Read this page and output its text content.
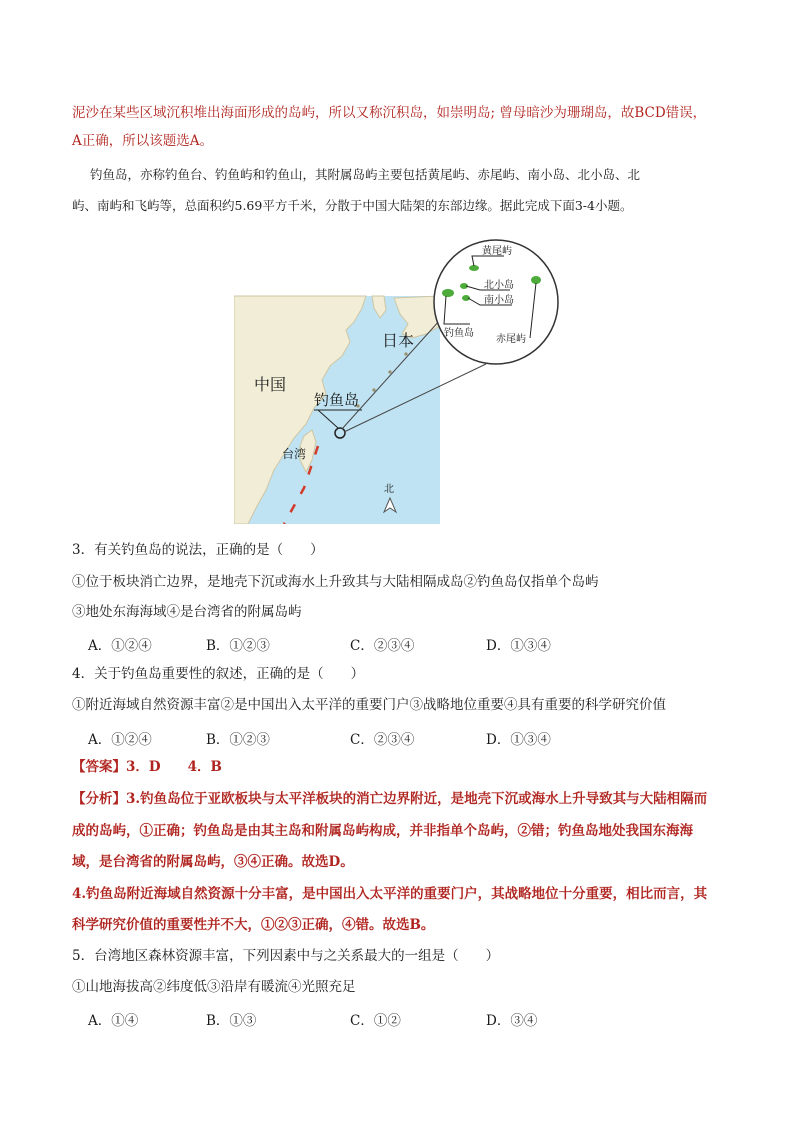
泥沙在某些区域沉积堆出海面形成的岛屿，所以又称沉积岛，如崇明岛; 曾母暗沙为珊瑚岛，故BCD错误，
A正确，所以该题选A。
钓鱼岛，亦称钓鱼台、钓鱼屿和钓鱼山，其附属岛屿主要包括黄尾屿、赤尾屿、南小岛、北小岛、北
屿、南屿和飞屿等，总面积约5.69平方千米，分散于中国大陆架的东部边缘。据此完成下面3-4小题。
中国
日本
钓鱼岛
台湾
黄尾屿
北小岛
南小岛
钓鱼岛
赤尾屿
北
3．有关钓鱼岛的说法，正确的是（　　）
①位于板块消亡边界，是地壳下沉或海水上升致其与大陆相隔成岛②钓鱼岛仅指单个岛屿
③地处东海海域④是台湾省的附属岛屿
A．①②④	B．①②③	C．②③④	D．①③④
4．关于钓鱼岛重要性的叙述，正确的是（　　）
①附近海域自然资源丰富②是中国出入太平洋的重要门户③战略地位重要④具有重要的科学研究价值
A．①②④	B．①②③	C．②③④	D．①③④
【答案】3．D　　4．B
【分析】3.钓鱼岛位于亚欧板块与太平洋板块的消亡边界附近，是地壳下沉或海水上升导致其与大陆相隔而
成的岛屿，①正确；钓鱼岛是由其主岛和附属岛屿构成，并非指单个岛屿，②错；钓鱼岛地处我国东海海
域，是台湾省的附属岛屿，③④正确。故选D。
4.钓鱼岛附近海域自然资源十分丰富，是中国出入太平洋的重要门户，其战略地位十分重要，相比而言，其
科学研究价值的重要性并不大，①②③正确，④错。故选B。
5．台湾地区森林资源丰富，下列因素中与之关系最大的一组是（　　）
①山地海拔高②纬度低③沿岸有暖流④光照充足
A．①④	B．①③	C．①②	D．③④
